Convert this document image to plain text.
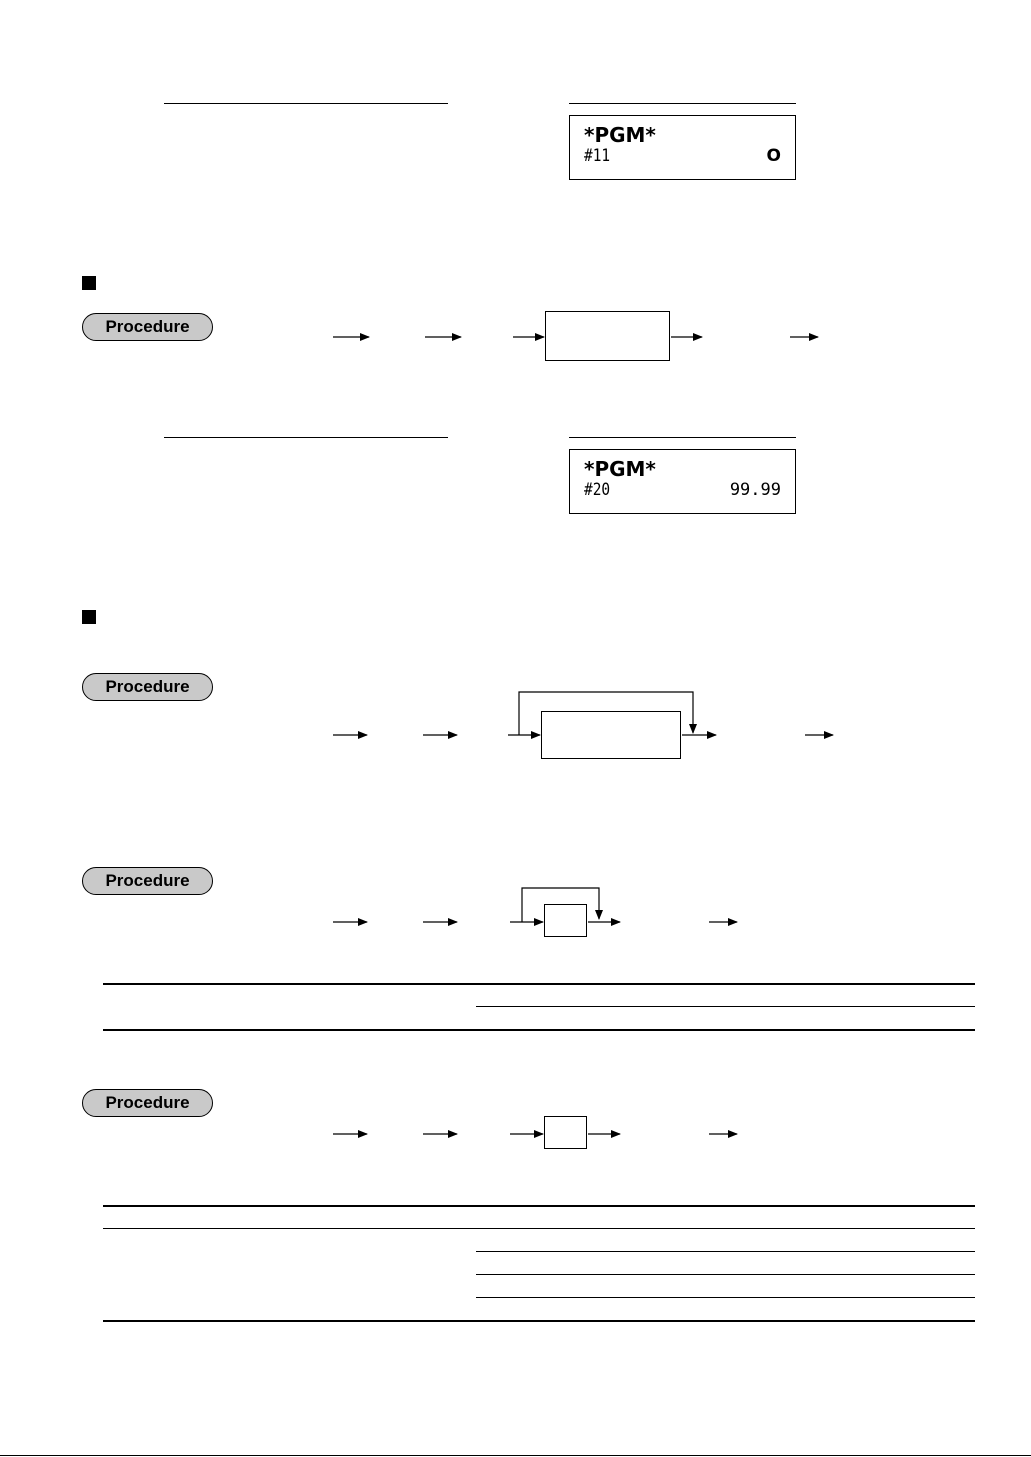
*PGM*
#11	O
Procedure
*PGM*
#20	99.99
Procedure
Procedure
Procedure
